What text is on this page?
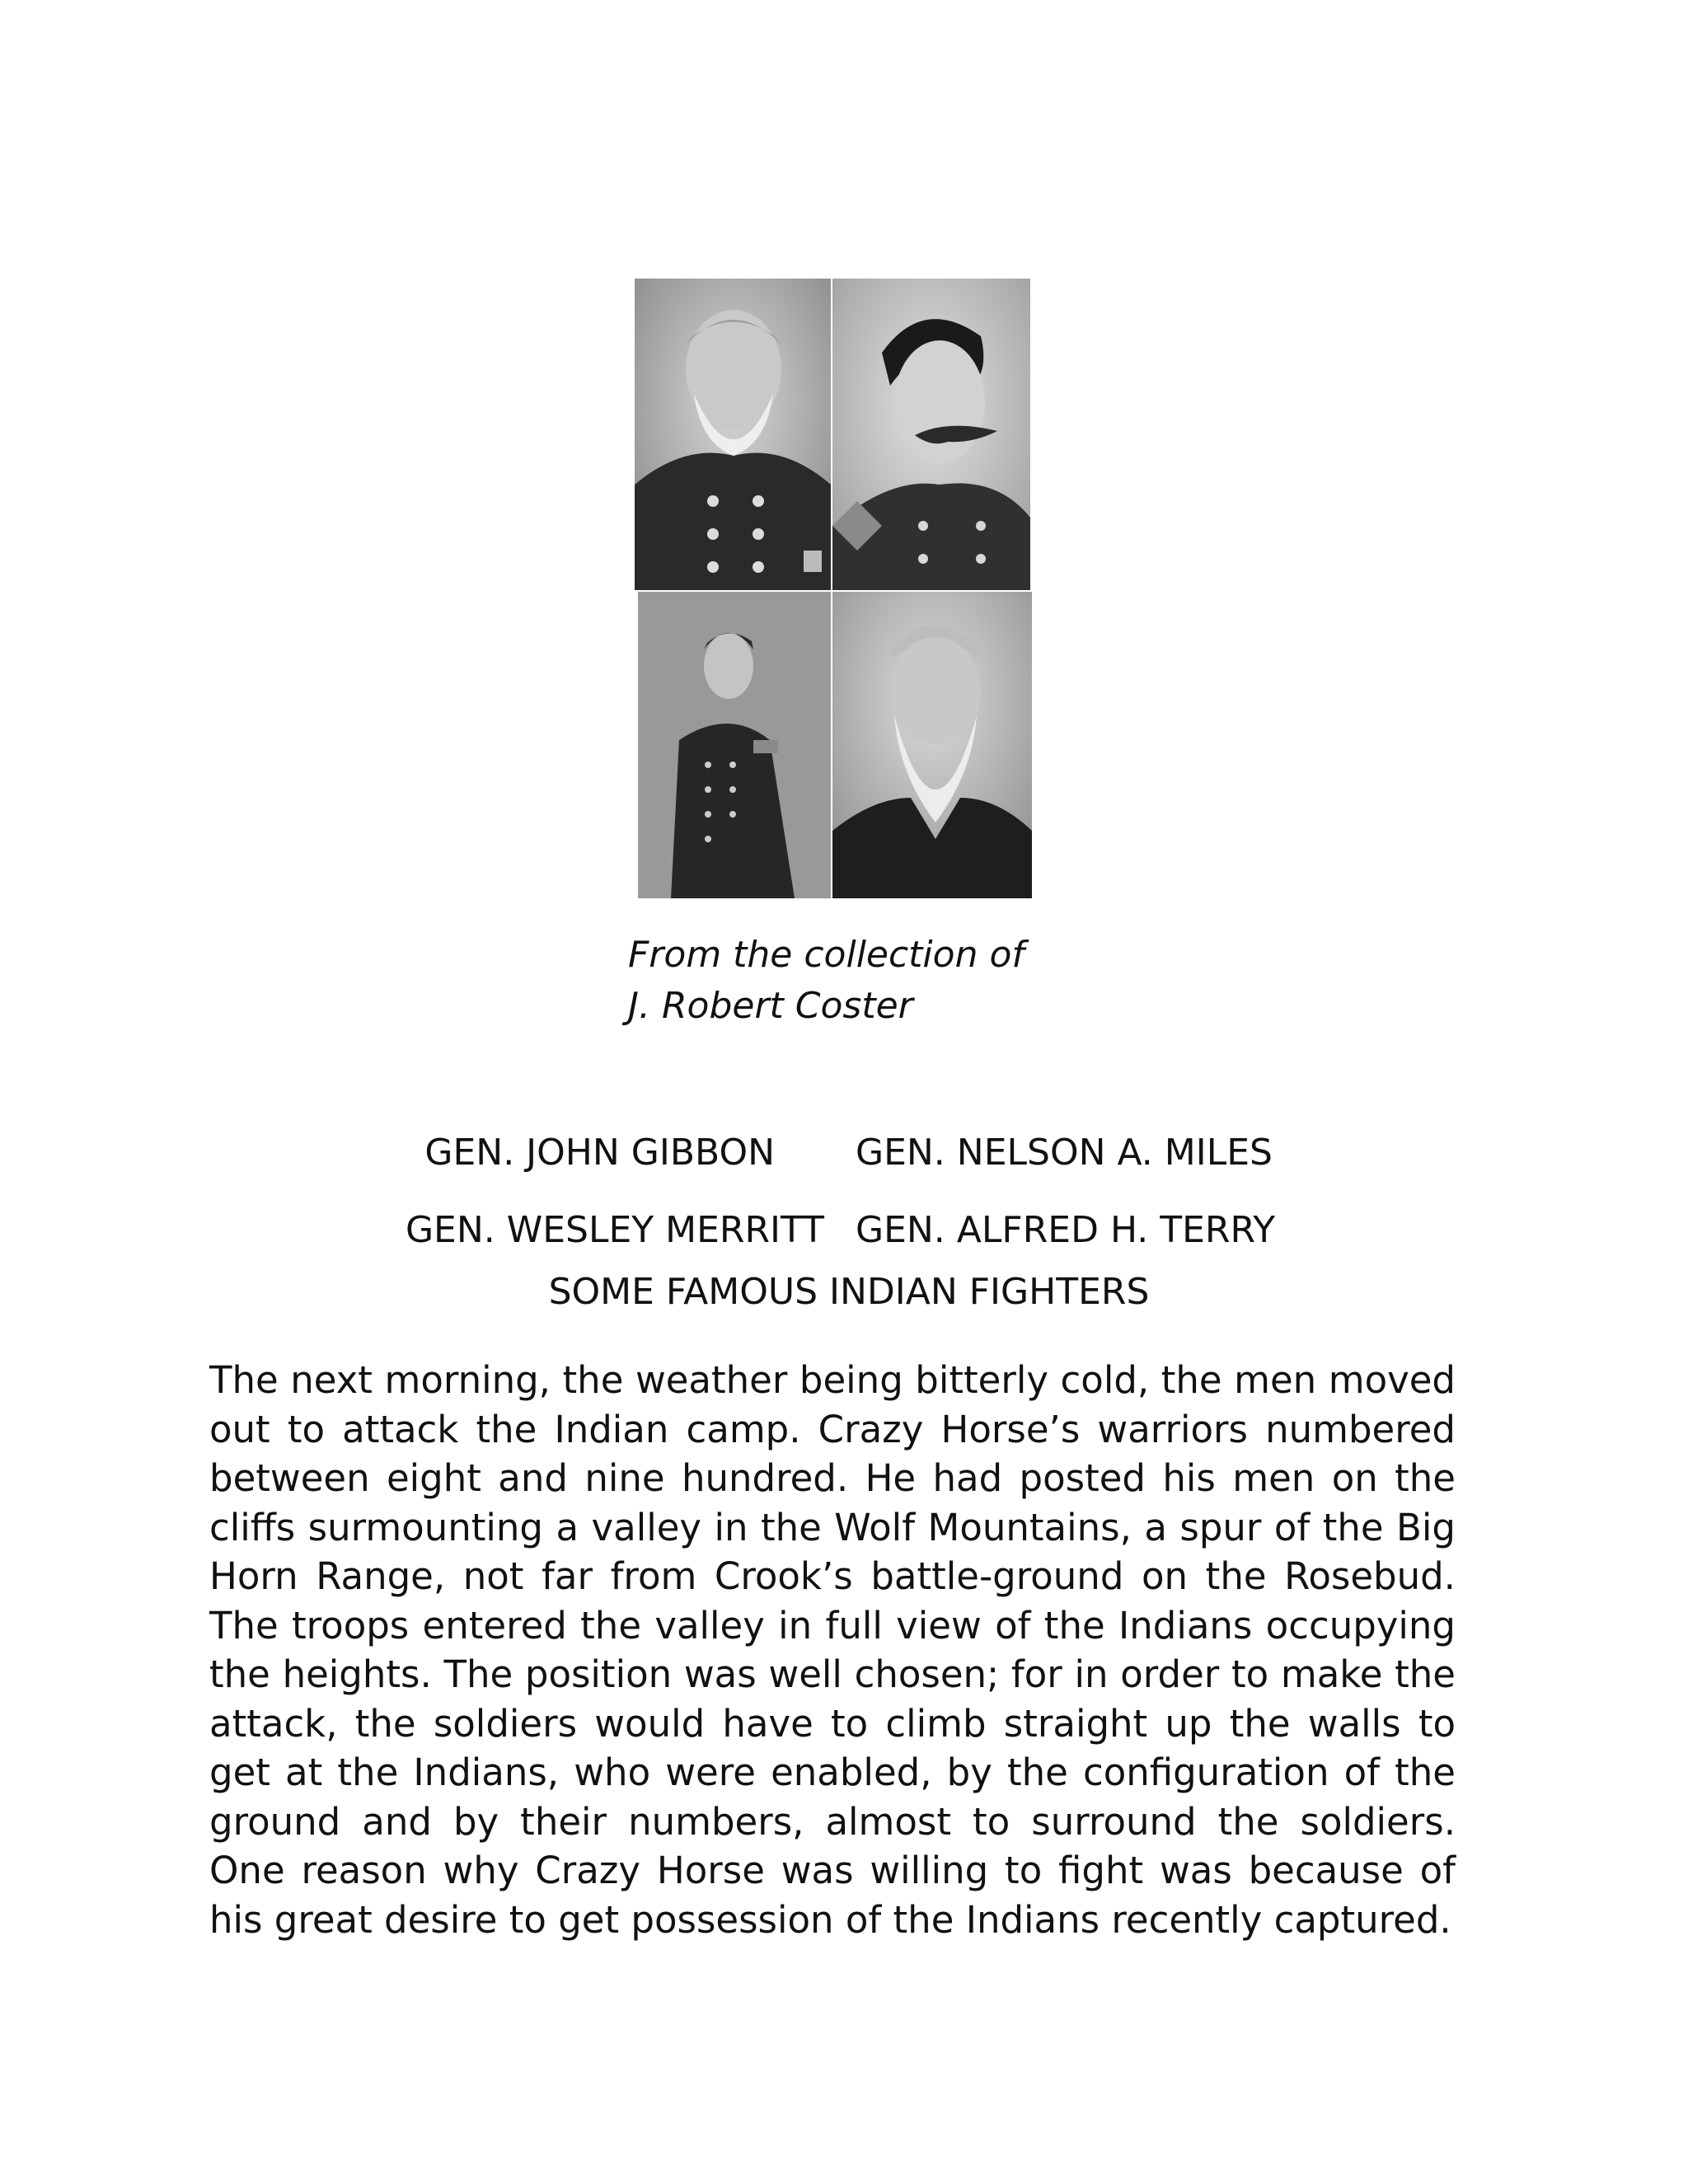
From the collection of
J. Robert Coster
GEN. JOHN GIBBON GEN. NELSON A. MILES
GEN. WESLEY MERRITT GEN. ALFRED H. TERRY
SOME FAMOUS INDIAN FIGHTERS

The next morning, the weather being bitterly cold, the men moved out to attack the Indian camp. Crazy Horse’s warriors numbered between eight and nine hundred. He had posted his men on the cliffs surmounting a valley in the Wolf Mountains, a spur of the Big Horn Range, not far from Crook’s battle-ground on the Rosebud. The troops entered the valley in full view of the Indians occupying the heights. The position was well chosen; for in order to make the attack, the soldiers would have to climb straight up the walls to get at the Indians, who were enabled, by the configuration of the ground and by their numbers, almost to surround the soldiers. One reason why Crazy Horse was willing to fight was because of his great desire to get possession of the Indians recently captured.
